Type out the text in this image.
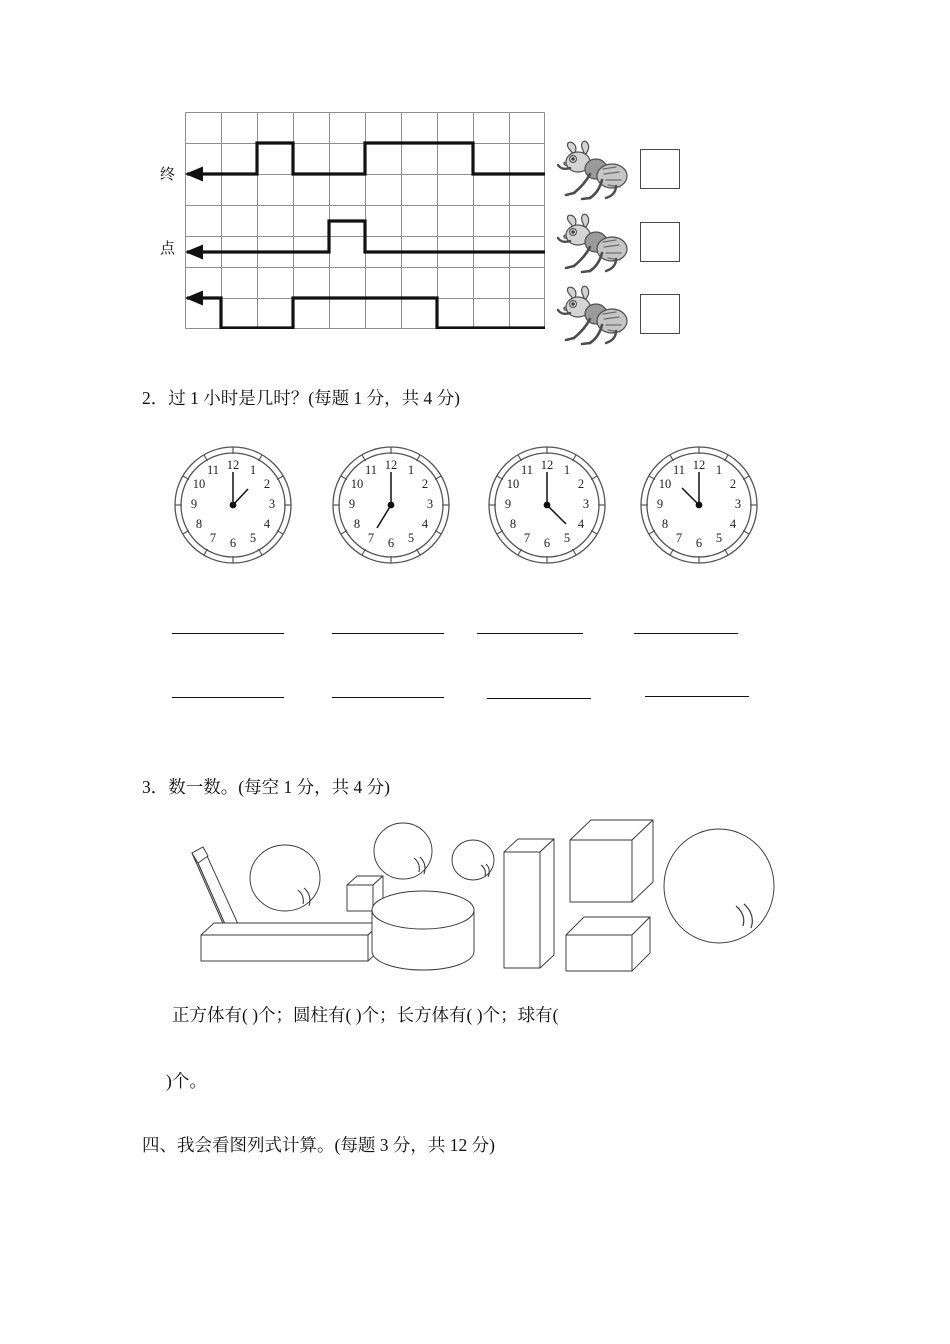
终
点
2．过 1 小时是几时？(每题 1 分，共 4 分)
12 1
2
3
4
5
6
7
8
9
10
11	12 1
2
3
4
5
6
7
8
9
10
11	12 1
2
3
4
5
6
7
8
9
10
11	12 1
2
3
4
5
6
7
8
9
10
11
3．数一数。(每空 1 分，共 4 分)
正方体有( )个；圆柱有( )个；长方体有( )个；球有(
)个。
四、我会看图列式计算。(每题 3 分，共 12 分)
